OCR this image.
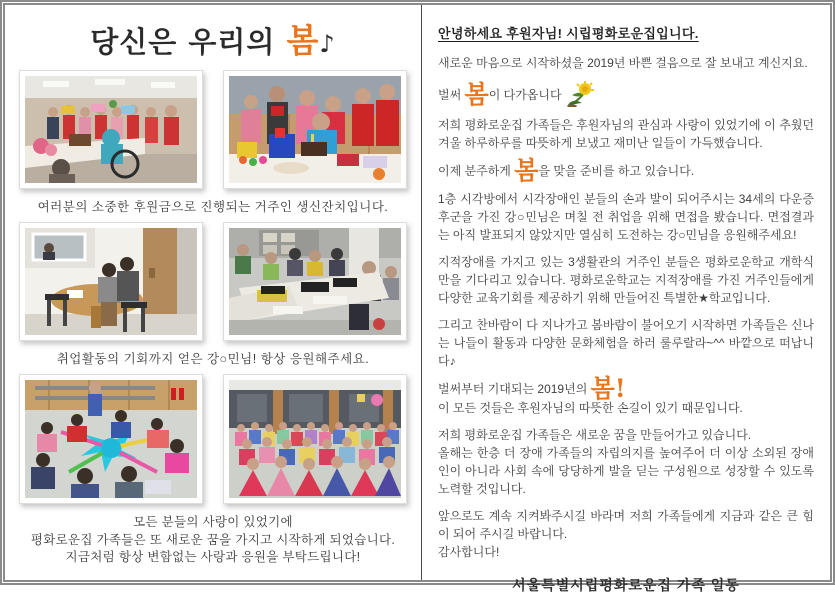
당신은 우리의 봄♪
여러분의 소중한 후원금으로 진행되는 거주인 생신잔치입니다.
취업활동의 기회까지 얻은 강○민님! 항상 응원해주세요.
모든 분들의 사랑이 있었기에
평화로운집 가족들은 또 새로운 꿈을 가지고 시작하게 되었습니다.
지금처럼 항상 변함없는 사랑과 응원을 부탁드립니다!
안녕하세요 후원자님! 시립평화로운집입니다.

새로운 마음으로 시작하셨을 2019년 바쁜 걸음으로 잘 보내고 계신지요.

벌써 봄이 다가옵니다

저희 평화로운집 가족들은 후원자님의 관심과 사랑이 있었기에 이 추웠던 겨울 하루하루를 따뜻하게 보냈고 재미난 일들이 가득했습니다.

이제 분주하게 봄을 맞을 준비를 하고 있습니다.

1층 시각방에서 시각장애인 분들의 손과 발이 되어주시는 34세의 다운증후군을 가진 강○민님은 며칠 전 취업을 위해 면접을 봤습니다. 면접결과는 아직 발표되지 않았지만 열심히 도전하는 강○민님을 응원해주세요!

지적장애를 가지고 있는 3생활관의 거주인 분들은 평화로운학교 개학식만을 기다리고 있습니다. 평화로운학교는 지적장애를 가진 거주인들에게 다양한 교육기회를 제공하기 위해 만들어진 특별한★학교입니다.

그리고 찬바람이 다 지나가고 봄바람이 불어오기 시작하면 가족들은 신나는 나들이 활동과 다양한 문화체험을 하러 룰루랄라~^^ 바깥으로 떠납니다♪

벌써부터 기대되는 2019년의 봄!
이 모든 것들은 후원자님의 따뜻한 손길이 있기 때문입니다.
저희 평화로운집 가족들은 새로운 꿈을 만들어가고 있습니다.
올해는 한층 더 장애 가족들의 자립의지를 높여주어 더 이상 소외된 장애인이 아니라 사회 속에 당당하게 발을 딛는 구성원으로 성장할 수 있도록 노력할 것입니다.
앞으로도 계속 지켜봐주시길 바라며 저희 가족들에게 지금과 같은 큰 힘이 되어 주시길 바랍니다.
감사합니다!
서울특별시립평화로운집 가족 일동
